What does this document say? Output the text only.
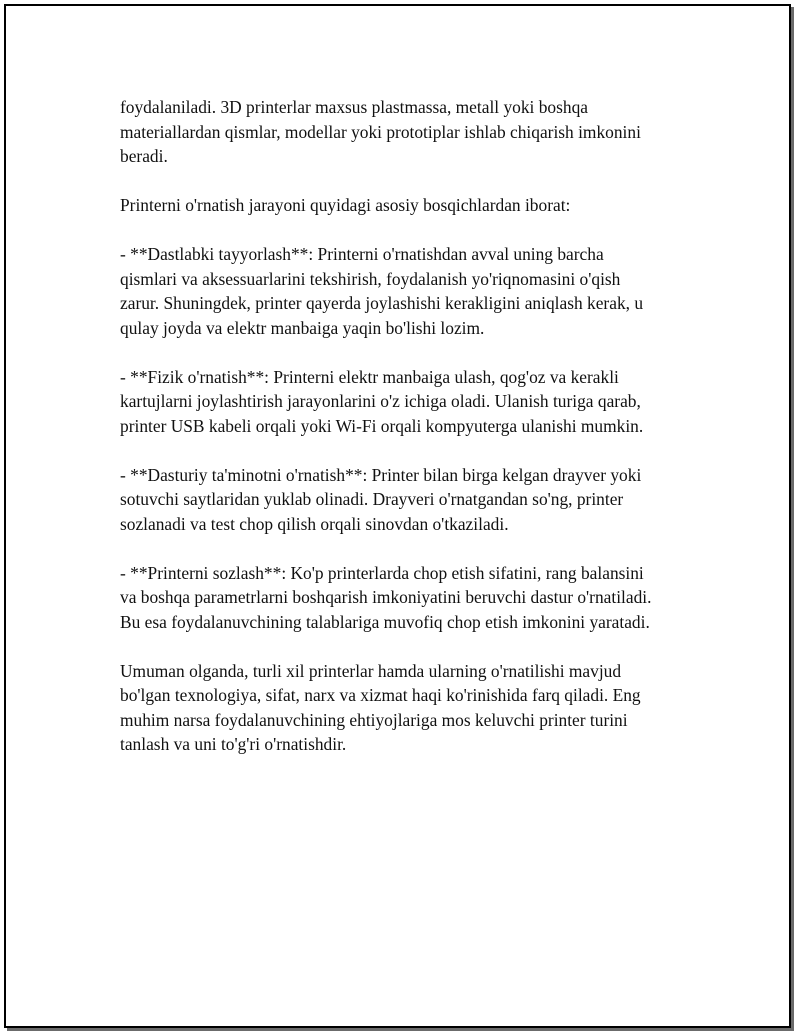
foydalaniladi. 3D printerlar maxsus plastmassa, metall yoki boshqa
materiallardan qismlar, modellar yoki prototiplar ishlab chiqarish imkonini
beradi.

Printerni o'rnatish jarayoni quyidagi asosiy bosqichlardan iborat:

- **Dastlabki tayyorlash**: Printerni o'rnatishdan avval uning barcha
qismlari va aksessuarlarini tekshirish, foydalanish yo'riqnomasini o'qish
zarur. Shuningdek, printer qayerda joylashishi kerakligini aniqlash kerak, u
qulay joyda va elektr manbaiga yaqin bo'lishi lozim.

- **Fizik o'rnatish**: Printerni elektr manbaiga ulash, qog'oz va kerakli
kartujlarni joylashtirish jarayonlarini o'z ichiga oladi. Ulanish turiga qarab,
printer USB kabeli orqali yoki Wi-Fi orqali kompyuterga ulanishi mumkin.

- **Dasturiy ta'minotni o'rnatish**: Printer bilan birga kelgan drayver yoki
sotuvchi saytlaridan yuklab olinadi. Drayveri o'rnatgandan so'ng, printer
sozlanadi va test chop qilish orqali sinovdan o'tkaziladi.

- **Printerni sozlash**: Ko'p printerlarda chop etish sifatini, rang balansini
va boshqa parametrlarni boshqarish imkoniyatini beruvchi dastur o'rnatiladi.
Bu esa foydalanuvchining talablariga muvofiq chop etish imkonini yaratadi.

Umuman olganda, turli xil printerlar hamda ularning o'rnatilishi mavjud
bo'lgan texnologiya, sifat, narx va xizmat haqi ko'rinishida farq qiladi. Eng
muhim narsa foydalanuvchining ehtiyojlariga mos keluvchi printer turini
tanlash va uni to'g'ri o'rnatishdir.
